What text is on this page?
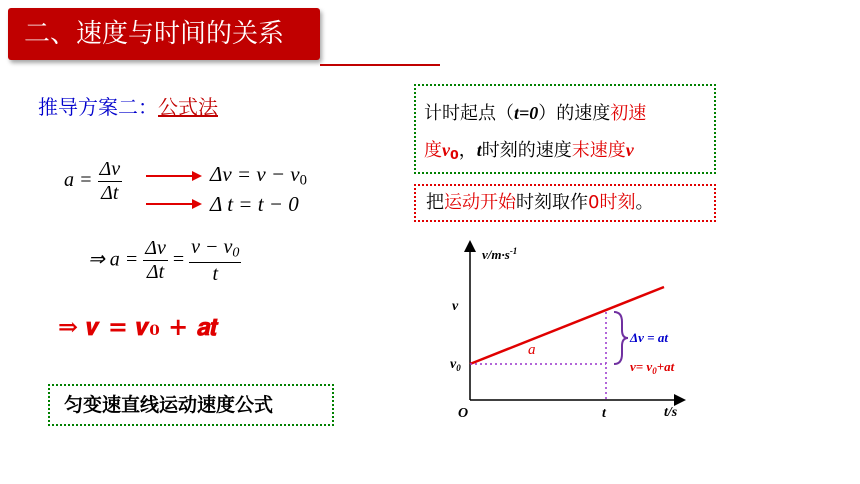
二、速度与时间的关系
推导方案二：公式法
$a = \frac{\Delta v}{\Delta t}$	$\Delta v = v - v_0$
Δ t = t − 0
⇒ $a = \frac{\Delta v}{\Delta t} = \frac{v - v_0}{t}$
⇒ 𝒗 = 𝒗₀ + 𝒂𝒕
匀变速直线运动速度公式
计时起点（t=0）的速度初速
度$v_0$，t时刻的速度末速度v
把运动开始时刻取作0时刻。
$v/m\cdot s^{-1}$
t/s
O
v
$v_0$
t
a
Δv = at
$v= v_0+at$
